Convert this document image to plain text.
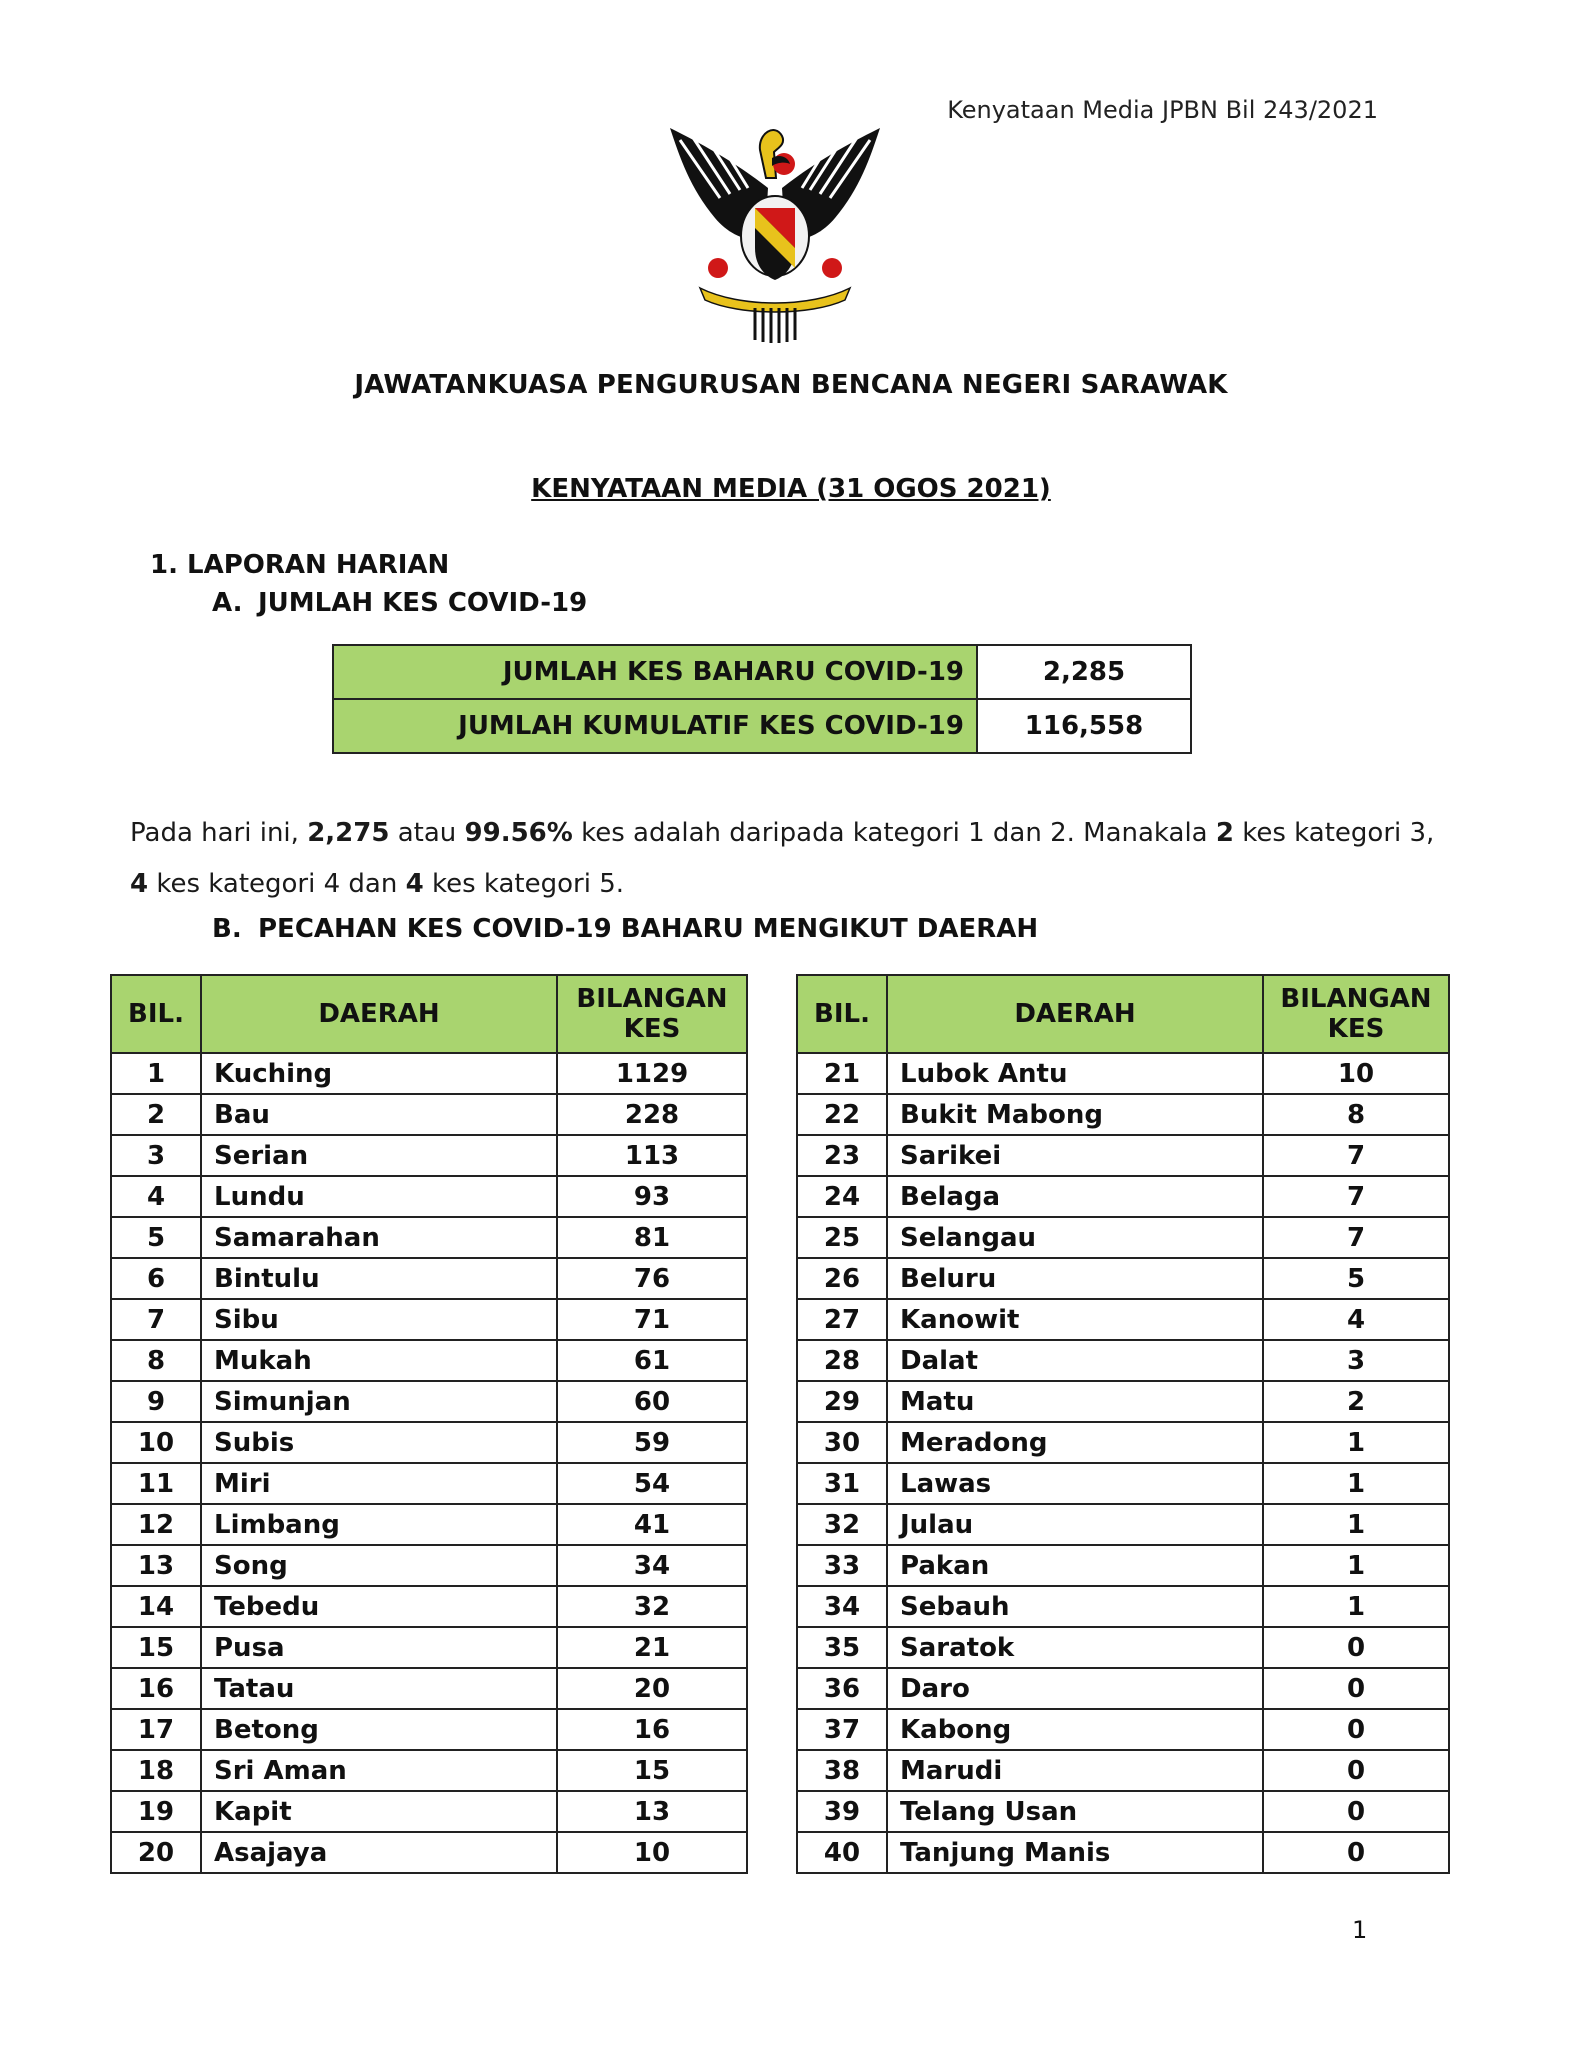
Kenyataan Media JPBN Bil 243/2021
JAWATANKUASA PENGURUSAN BENCANA NEGERI SARAWAK
KENYATAAN MEDIA (31 OGOS 2021)
1. LAPORAN HARIAN
A. JUMLAH KES COVID-19
JUMLAH KES BAHARU COVID-19	2,285
JUMLAH KUMULATIF KES COVID-19	116,558
Pada hari ini, 2,275 atau 99.56% kes adalah daripada kategori 1 dan 2. Manakala 2 kes kategori 3, 4 kes kategori 4 dan 4 kes kategori 5.
B. PECAHAN KES COVID-19 BAHARU MENGIKUT DAERAH
BIL.	DAERAH	BILANGAN KES
1	Kuching	1129
2	Bau	228
3	Serian	113
4	Lundu	93
5	Samarahan	81
6	Bintulu	76
7	Sibu	71
8	Mukah	61
9	Simunjan	60
10	Subis	59
11	Miri	54
12	Limbang	41
13	Song	34
14	Tebedu	32
15	Pusa	21
16	Tatau	20
17	Betong	16
18	Sri Aman	15
19	Kapit	13
20	Asajaya	10
BIL.	DAERAH	BILANGAN KES
21	Lubok Antu	10
22	Bukit Mabong	8
23	Sarikei	7
24	Belaga	7
25	Selangau	7
26	Beluru	5
27	Kanowit	4
28	Dalat	3
29	Matu	2
30	Meradong	1
31	Lawas	1
32	Julau	1
33	Pakan	1
34	Sebauh	1
35	Saratok	0
36	Daro	0
37	Kabong	0
38	Marudi	0
39	Telang Usan	0
40	Tanjung Manis	0
1
